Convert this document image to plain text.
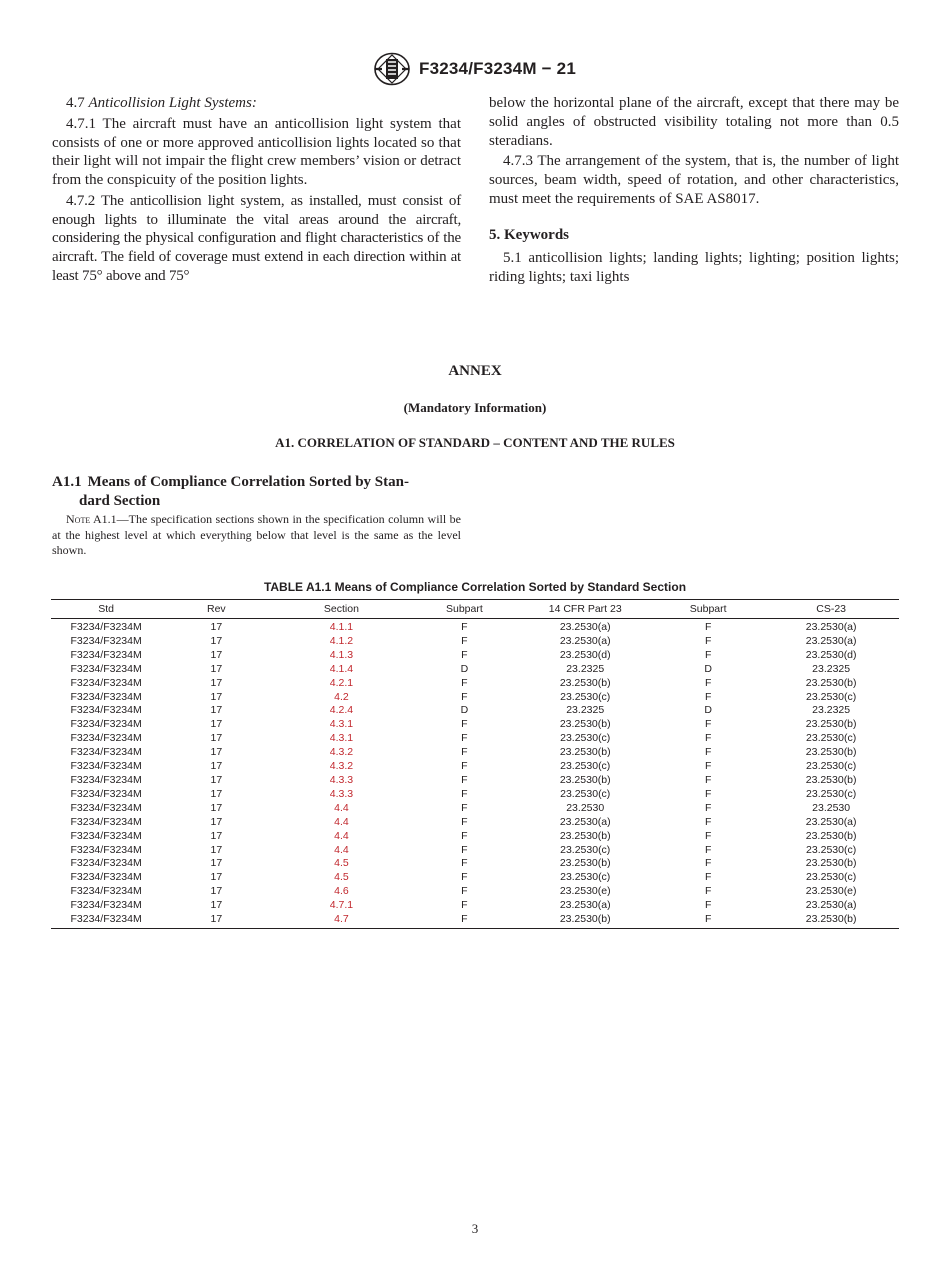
F3234/F3234M − 21

4.7 Anticollision Light Systems:

4.7.1 The aircraft must have an anticollision light system that consists of one or more approved anticollision lights located so that their light will not impair the flight crew members’ vision or detract from the conspicuity of the position lights.

4.7.2 The anticollision light system, as installed, must consist of enough lights to illuminate the vital areas around the aircraft, considering the physical configuration and flight characteristics of the aircraft. The field of coverage must extend in each direction within at least 75° above and 75°

below the horizontal plane of the aircraft, except that there may be solid angles of obstructed visibility totaling not more than 0.5 steradians.

4.7.3 The arrangement of the system, that is, the number of light sources, beam width, speed of rotation, and other characteristics, must meet the requirements of SAE AS8017.

5. Keywords

5.1 anticollision lights; landing lights; lighting; position lights; riding lights; taxi lights

ANNEX
(Mandatory Information)
A1. CORRELATION OF STANDARD – CONTENT AND THE RULES
A1.1 Means of Compliance Correlation Sorted by Stan-
dard Section
Note A1.1—The specification sections shown in the specification column will be at the highest level at which everything below that level is the same as the level shown.
TABLE A1.1 Means of Compliance Correlation Sorted by Standard Section
Std	Rev	Section	Subpart	14 CFR Part 23	Subpart	CS-23
F3234/F3234M	17	4.1.1	F	23.2530(a)	F	23.2530(a)
F3234/F3234M	17	4.1.2	F	23.2530(a)	F	23.2530(a)
F3234/F3234M	17	4.1.3	F	23.2530(d)	F	23.2530(d)
F3234/F3234M	17	4.1.4	D	23.2325	D	23.2325
F3234/F3234M	17	4.2.1	F	23.2530(b)	F	23.2530(b)
F3234/F3234M	17	4.2	F	23.2530(c)	F	23.2530(c)
F3234/F3234M	17	4.2.4	D	23.2325	D	23.2325
F3234/F3234M	17	4.3.1	F	23.2530(b)	F	23.2530(b)
F3234/F3234M	17	4.3.1	F	23.2530(c)	F	23.2530(c)
F3234/F3234M	17	4.3.2	F	23.2530(b)	F	23.2530(b)
F3234/F3234M	17	4.3.2	F	23.2530(c)	F	23.2530(c)
F3234/F3234M	17	4.3.3	F	23.2530(b)	F	23.2530(b)
F3234/F3234M	17	4.3.3	F	23.2530(c)	F	23.2530(c)
F3234/F3234M	17	4.4	F	23.2530	F	23.2530
F3234/F3234M	17	4.4	F	23.2530(a)	F	23.2530(a)
F3234/F3234M	17	4.4	F	23.2530(b)	F	23.2530(b)
F3234/F3234M	17	4.4	F	23.2530(c)	F	23.2530(c)
F3234/F3234M	17	4.5	F	23.2530(b)	F	23.2530(b)
F3234/F3234M	17	4.5	F	23.2530(c)	F	23.2530(c)
F3234/F3234M	17	4.6	F	23.2530(e)	F	23.2530(e)
F3234/F3234M	17	4.7.1	F	23.2530(a)	F	23.2530(a)
F3234/F3234M	17	4.7	F	23.2530(b)	F	23.2530(b)
3
